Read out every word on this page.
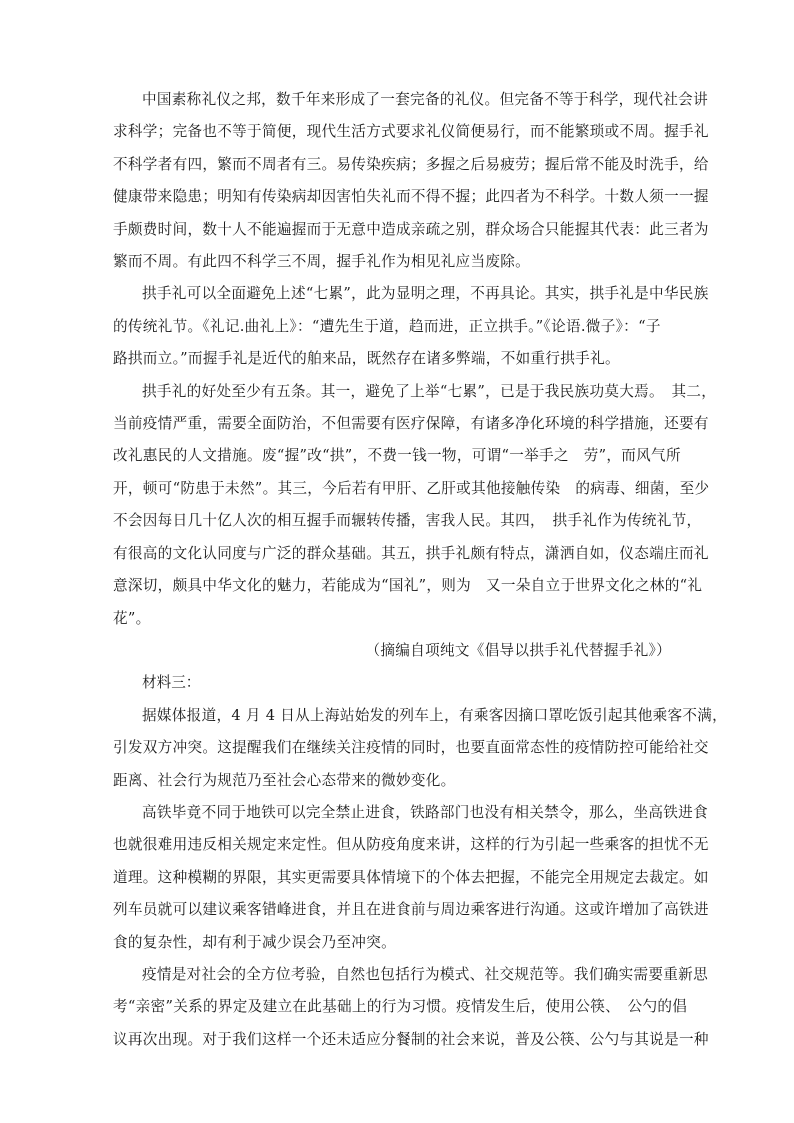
中国素称礼仪之邦，数千年来形成了一套完备的礼仪。但完备不等于科学，现代社会讲
求科学；完备也不等于简便，现代生活方式要求礼仪简便易行，而不能繁琐或不周。握手礼
不科学者有四，繁而不周者有三。易传染疾病；多握之后易疲劳；握后常不能及时洗手，给
健康带来隐患；明知有传染病却因害怕失礼而不得不握；此四者为不科学。十数人须一一握
手颇费时间，数十人不能遍握而于无意中造成亲疏之别，群众场合只能握其代表：此三者为
繁而不周。有此四不科学三不周，握手礼作为相见礼应当废除。

拱手礼可以全面避免上述“七累”，此为显明之理，不再具论。其实，拱手礼是中华民族
的传统礼节。《礼记.曲礼上》：“遭先生于道，趋而进，正立拱手。”《论语.微子》：“子
路拱而立。”而握手礼是近代的舶来品，既然存在诸多弊端，不如重行拱手礼。

拱手礼的好处至少有五条。其一，避免了上举“七累”，已是于我民族功莫大焉。　其二，
当前疫情严重，需要全面防治，不但需要有医疗保障，有诸多净化环境的科学措施，还要有
改礼惠民的人文措施。废“握”改“拱”，不费一钱一物，可谓“一举手之　劳”，而风气所
开，顿可“防患于未然”。其三，今后若有甲肝、乙肝或其他接触传染　的病毒、细菌，至少
不会因每日几十亿人次的相互握手而辗转传播，害我人民。其四，　拱手礼作为传统礼节，
有很高的文化认同度与广泛的群众基础。其五，拱手礼颇有特点，潇洒自如，仪态端庄而礼
意深切，颇具中华文化的魅力，若能成为“国礼”，则为　又一朵自立于世界文化之林的“礼
花”。

（摘编自项纯文《倡导以拱手礼代替握手礼》）
材料三：

据媒体报道，4 月 4 日从上海站始发的列车上，有乘客因摘口罩吃饭引起其他乘客不满，
引发双方冲突。这提醒我们在继续关注疫情的同时，也要直面常态性的疫情防控可能给社交
距离、社会行为规范乃至社会心态带来的微妙变化。

高铁毕竟不同于地铁可以完全禁止进食，铁路部门也没有相关禁令，那么，坐高铁进食
也就很难用违反相关规定来定性。但从防疫角度来讲，这样的行为引起一些乘客的担忧不无
道理。这种模糊的界限，其实更需要具体情境下的个体去把握，不能完全用规定去裁定。如
列车员就可以建议乘客错峰进食，并且在进食前与周边乘客进行沟通。这或许增加了高铁进
食的复杂性，却有利于减少误会乃至冲突。

疫情是对社会的全方位考验，自然也包括行为模式、社交规范等。我们确实需要重新思
考“亲密”关系的界定及建立在此基础上的行为习惯。疫情发生后，使用公筷、　公勺的倡
议再次出现。对于我们这样一个还未适应分餐制的社会来说，普及公筷、公勺与其说是一种
